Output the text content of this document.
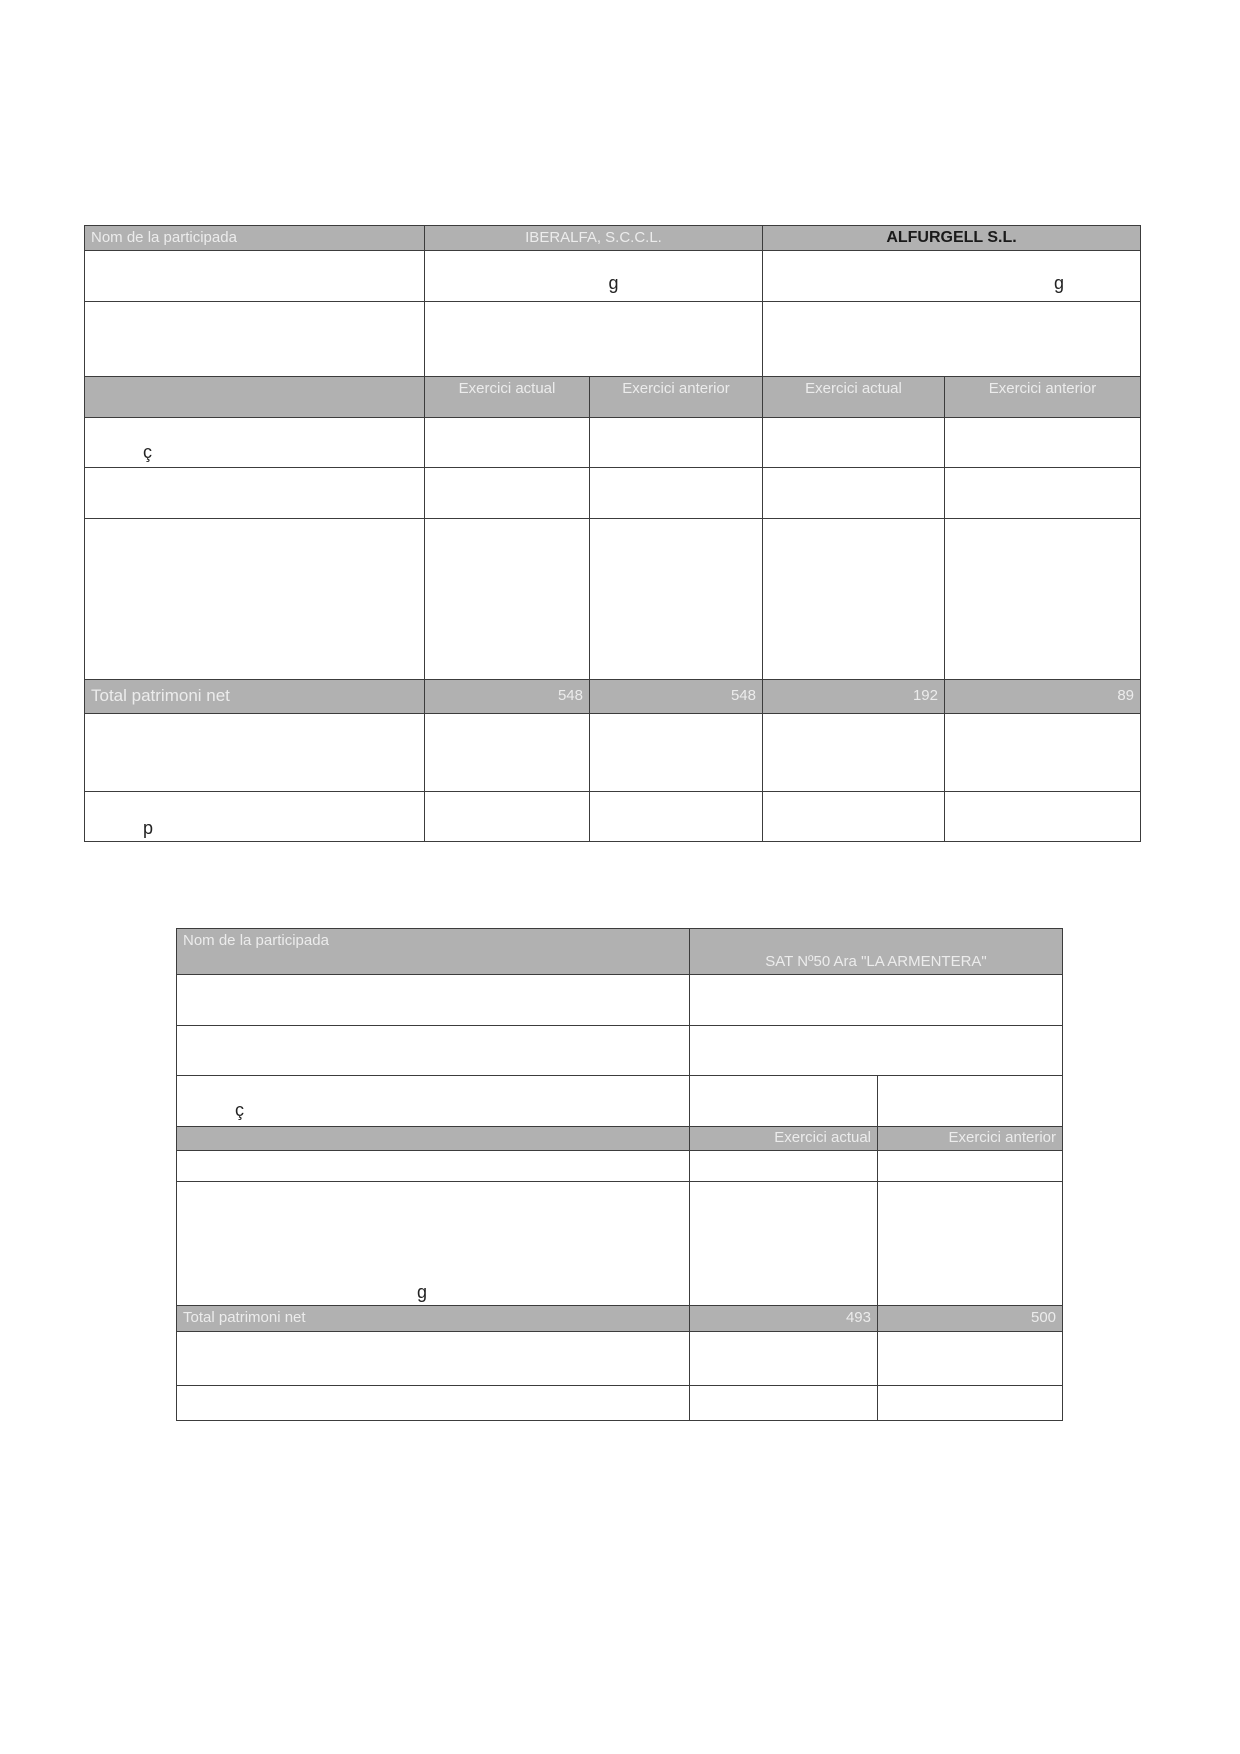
Nom de la participada	IBERALFA, S.C.C.L.		ALFURGELL S.L.	

	g		g	

	Exercici actual	Exercici anterior	Exercici actual	Exercici anterior

ç				

Total patrimoni net	548	548	192	89

p				

Nom de la participada	SAT Nº50 Ara "LA ARMENTERA"	

ç		

	Exercici actual	Exercici anterior

g		

Total patrimoni net	493	500
